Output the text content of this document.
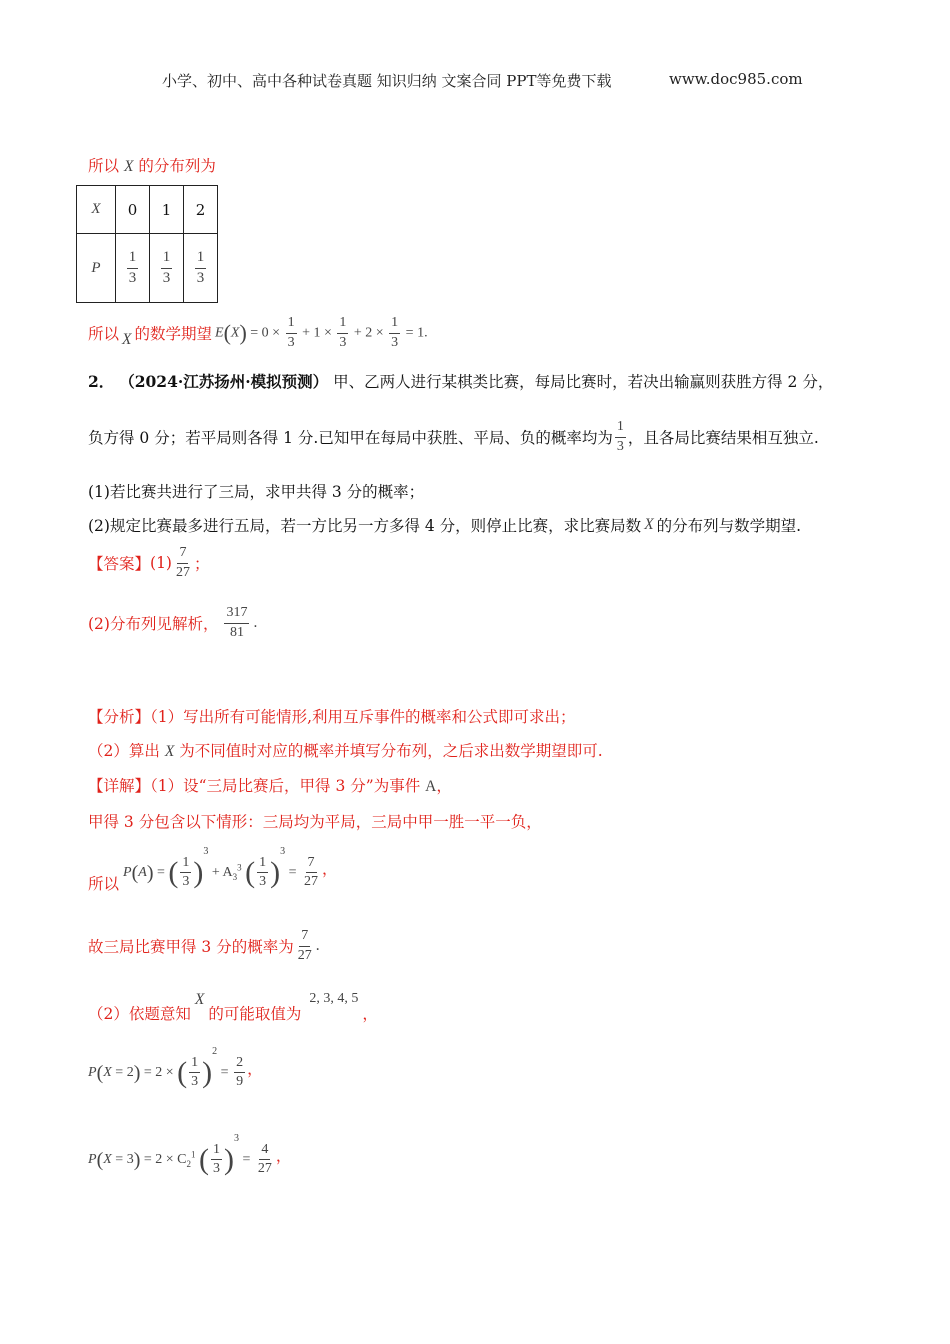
小学、初中、高中各种试卷真题 知识归纳 文案合同 PPT等免费下载	www.doc985.com
所以 X 的分布列为
X	0	1	2
P	$\frac{1}{3}$	$\frac{1}{3}$	$\frac{1}{3}$
所以 X 的数学期望 $E(X) = 0 \times \frac{1}{3} + 1 \times \frac{1}{3} + 2 \times \frac{1}{3} = 1$.
2． （2024·江苏扬州·模拟预测） 甲、乙两人进行某棋类比赛，每局比赛时，若决出输赢则获胜方得 2 分，
负方得 0 分；若平局则各得 1 分.已知甲在每局中获胜、平局、负的概率均为 $\frac{1}{3}$ ，且各局比赛结果相互独立.
(1)若比赛共进行了三局，求甲共得 3 分的概率；
(2)规定比赛最多进行五局，若一方比另一方多得 4 分，则停止比赛，求比赛局数 X 的分布列与数学期望.
【答案】 $(1) \frac{7}{27}$ ；
(2)分布列见解析， $\frac{317}{81}$ .
【分析】（1）写出所有可能情形,利用互斥事件的概率和公式即可求出；
（2）算出 X 为不同值时对应的概率并填写分布列，之后求出数学期望即可.
【详解】（1）设“三局比赛后，甲得 3 分”为事件 A，
甲得 3 分包含以下情形：三局均为平局，三局中甲一胜一平一负，
所以
P(A) = ( $\frac{1}{3} )^3 + A_3^3$ ( $\frac{1}{3} )^3 = \frac{7}{27}$ ，
故三局比赛甲得 3 分的概率为 $\frac{7}{27}$ .
（2）依题意知
X
的可能取值为
2, 3, 4, 5
，
P(X = 2) = 2 × ( $\frac{1}{3} )^2 = \frac{2}{9}$ ，
$P(X = 3) = 2 \times C_2^1$ ( $\frac{1}{3} )^3 = \frac{4}{27}$ ，
